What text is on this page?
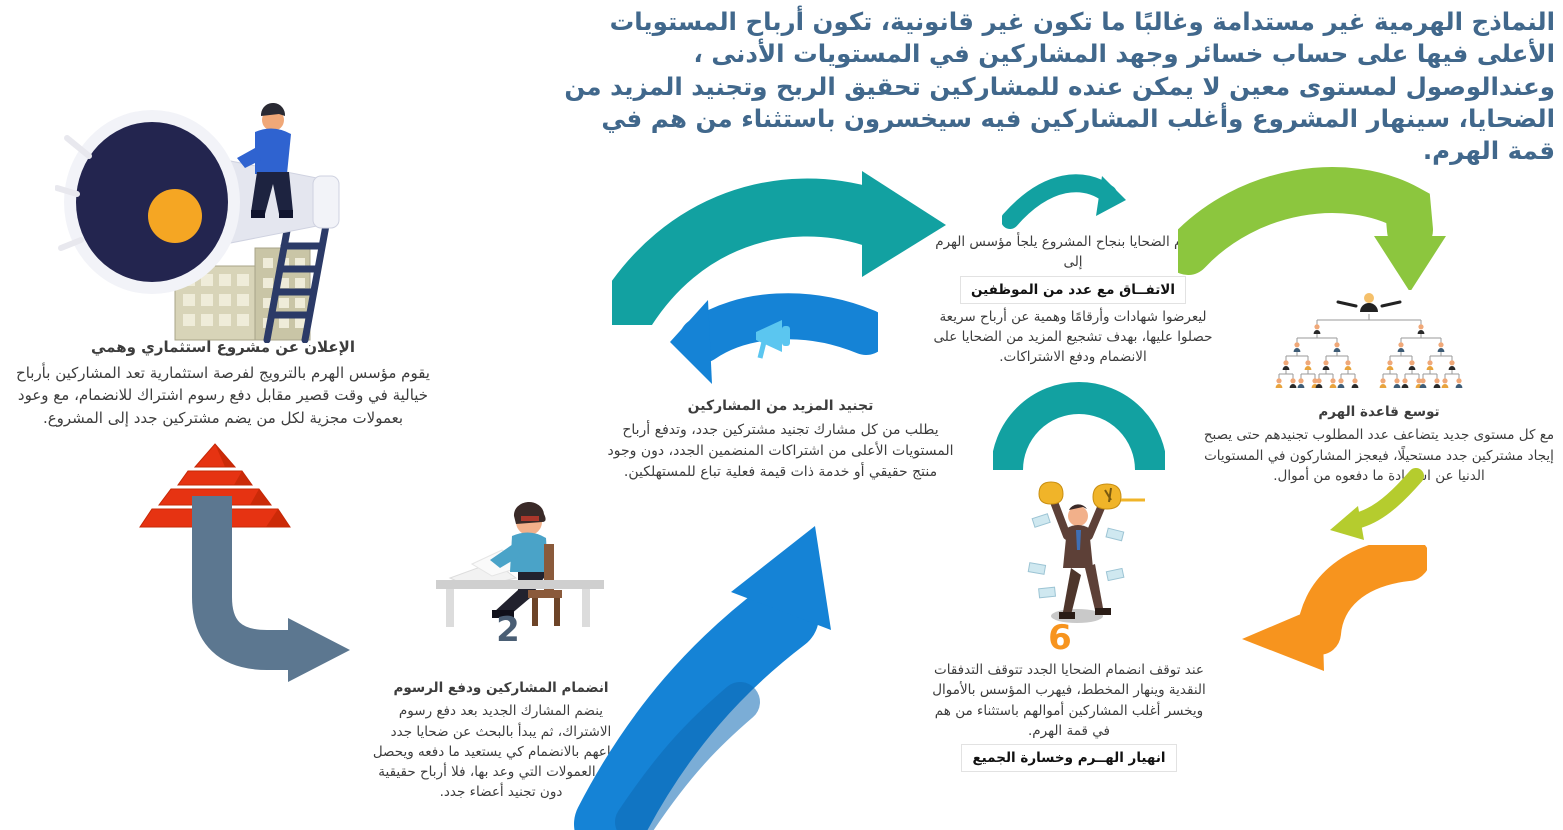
النماذج الهرمية غير مستدامة وغالبًا ما تكون غير قانونية، تكون أرباح المستويات الأعلى فيها على حساب خسائر وجهد المشاركين في المستويات الأدنى ، وعندالوصول لمستوى معين لا يمكن عنده للمشاركين تحقيق الربح وتجنيد المزيد من الضحايا، سينهار المشروع وأغلب المشاركين فيه سيخسرون باستثناء من هم في قمة الهرم.
الإعلان عن مشروع استثماري وهمي
يقوم مؤسس الهرم بالترويج لفرصة استثمارية تعد المشاركين بأرباح خيالية في وقت قصير مقابل دفع رسوم اشتراك للانضمام، مع وعود بعمولات مجزية لكل من يضم مشتركين جدد إلى المشروع.
2
انضمام المشاركين ودفع الرسوم
ينضم المشارك الجديد بعد دفع رسوم الاشتراك، ثم يبدأ بالبحث عن ضحايا جدد لإقناعهم بالانضمام كي يستعيد ما دفعه ويحصل على العمولات التي وعد بها، فلا أرباح حقيقية دون تجنيد أعضاء جدد.
تجنيد المزيد من المشاركين
يطلب من كل مشارك تجنيد مشتركين جدد، وتدفع أرباح المستويات الأعلى من اشتراكات المنضمين الجدد، دون وجود منتج حقيقي أو خدمة ذات قيمة فعلية تباع للمستهلكين.
ولإيهام الضحايا بنجاح المشروع يلجأ مؤسس الهرم إلى
الاتفــاق مع عدد من الموظفين
ليعرضوا شهادات وأرقامًا وهمية عن أرباح سريعة حصلوا عليها، بهدف تشجيع المزيد من الضحايا على الانضمام ودفع الاشتراكات.
توسع قاعدة الهرم
مع كل مستوى جديد يتضاعف عدد المطلوب تجنيدهم حتى يصبح إيجاد مشتركين جدد مستحيلًا، فيعجز المشاركون في المستويات الدنيا عن استعادة ما دفعوه من أموال.
6
عند توقف انضمام الضحايا الجدد تتوقف التدفقات النقدية وينهار المخطط، فيهرب المؤسس بالأموال ويخسر أغلب المشاركين أموالهم باستثناء من هم في قمة الهرم.
انهيار الهــرم وخسارة الجميع
